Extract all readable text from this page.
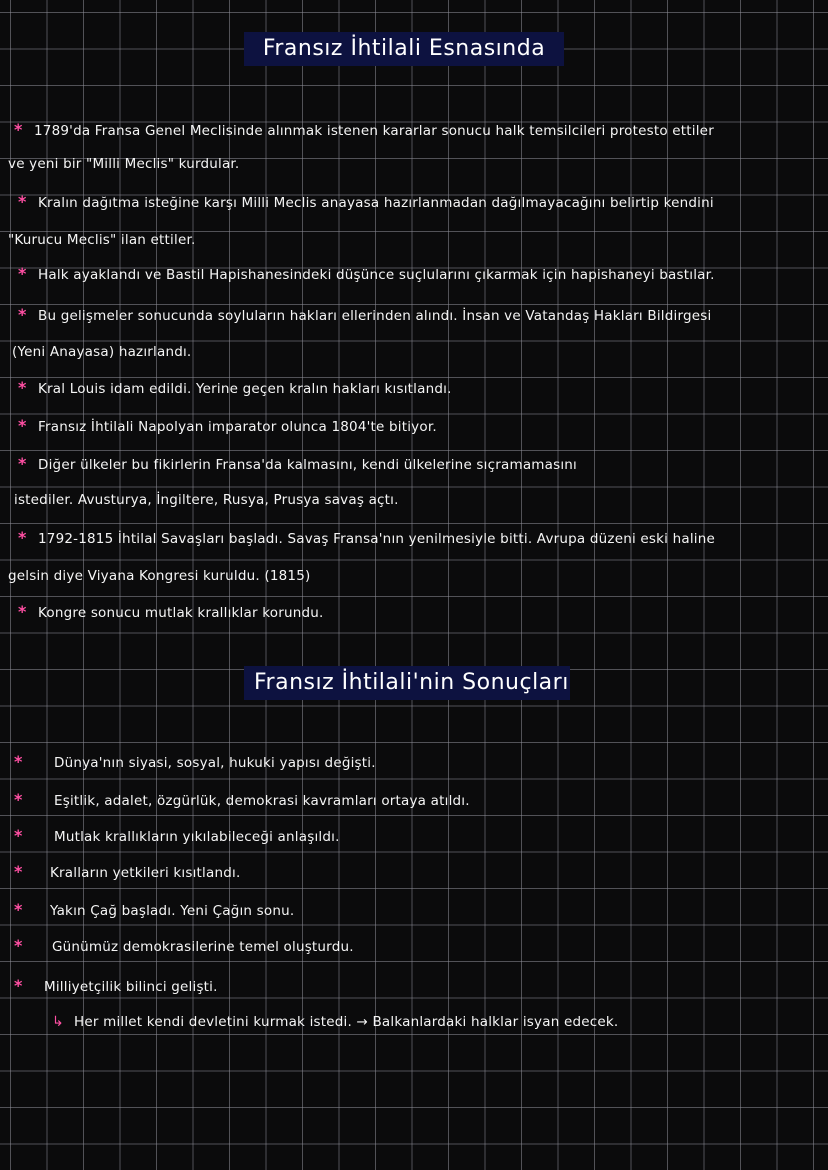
Fransız İhtilali Esnasında
* 1789'da Fransa Genel Meclisinde alınmak istenen kararlar sonucu halk temsilcileri protesto ettiler
ve yeni bir "Milli Meclis" kurdular.
* Kralın dağıtma isteğine karşı Milli Meclis anayasa hazırlanmadan dağılmayacağını belirtip kendini
"Kurucu Meclis" ilan ettiler.
* Halk ayaklandı ve Bastil Hapishanesindeki düşünce suçlularını çıkarmak için hapishaneyi bastılar.
* Bu gelişmeler sonucunda soyluların hakları ellerinden alındı. İnsan ve Vatandaş Hakları Bildirgesi
(Yeni Anayasa) hazırlandı.
* Kral Louis idam edildi. Yerine geçen kralın hakları kısıtlandı.
* Fransız İhtilali Napolyan imparator olunca 1804'te bitiyor.
* Diğer ülkeler bu fikirlerin Fransa'da kalmasını, kendi ülkelerine sıçramamasını
istediler. Avusturya, İngiltere, Rusya, Prusya savaş açtı.
* 1792-1815 İhtilal Savaşları başladı. Savaş Fransa'nın yenilmesiyle bitti. Avrupa düzeni eski haline
gelsin diye Viyana Kongresi kuruldu. (1815)
* Kongre sonucu mutlak krallıklar korundu.
Fransız İhtilali'nin Sonuçları
* Dünya'nın siyasi, sosyal, hukuki yapısı değişti.
* Eşitlik, adalet, özgürlük, demokrasi kavramları ortaya atıldı.
* Mutlak krallıkların yıkılabileceği anlaşıldı.
* Kralların yetkileri kısıtlandı.
* Yakın Çağ başladı. Yeni Çağın sonu.
* Günümüz demokrasilerine temel oluşturdu.
* Milliyetçilik bilinci gelişti.
↳ Her millet kendi devletini kurmak istedi. → Balkanlardaki halklar isyan edecek.
